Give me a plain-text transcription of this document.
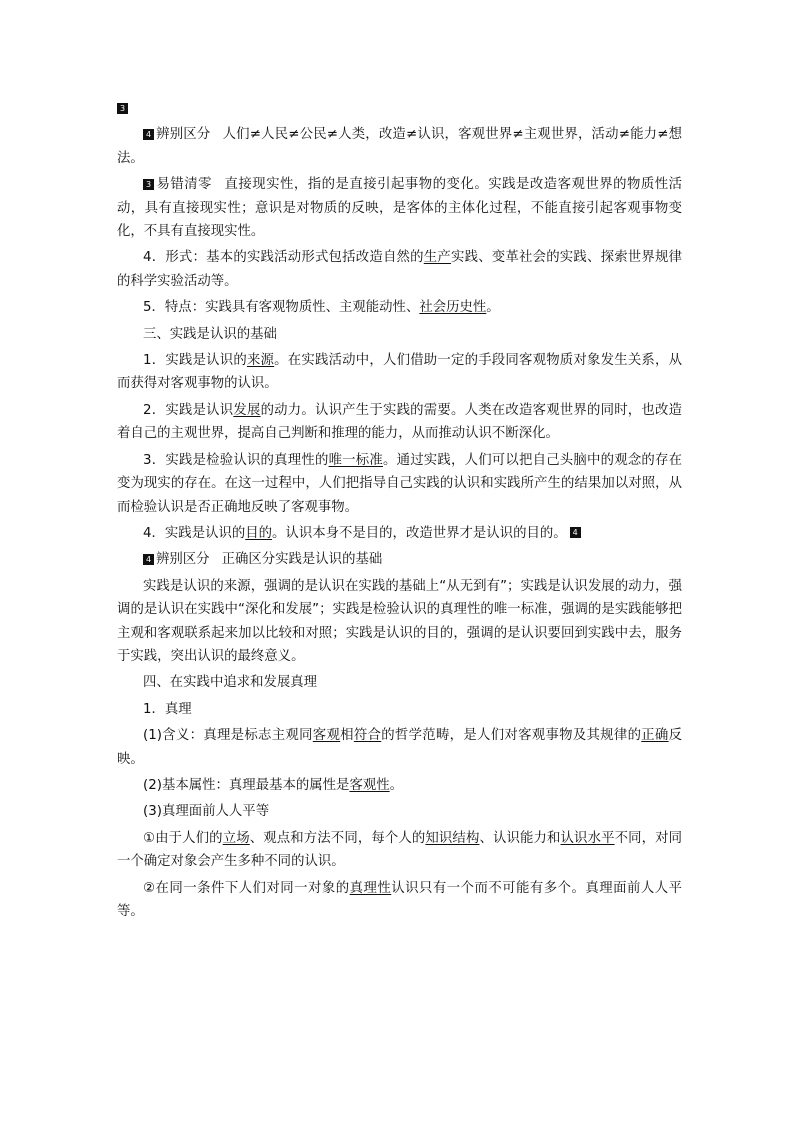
3

4 辨别区分 人们≠人民≠公民≠人类，改造≠认识，客观世界≠主观世界，活动≠能力≠想法。

3 易错清零 直接现实性，指的是直接引起事物的变化。实践是改造客观世界的物质性活动，具有直接现实性；意识是对物质的反映，是客体的主体化过程，不能直接引起客观事物变化，不具有直接现实性。

4．形式：基本的实践活动形式包括改造自然的生产实践、变革社会的实践、探索世界规律的科学实验活动等。

5．特点：实践具有客观物质性、主观能动性、社会历史性。

三、实践是认识的基础

1．实践是认识的来源。在实践活动中，人们借助一定的手段同客观物质对象发生关系，从而获得对客观事物的认识。

2．实践是认识发展的动力。认识产生于实践的需要。人类在改造客观世界的同时，也改造着自己的主观世界，提高自己判断和推理的能力，从而推动认识不断深化。

3．实践是检验认识的真理性的唯一标准。通过实践，人们可以把自己头脑中的观念的存在变为现实的存在。在这一过程中，人们把指导自己实践的认识和实践所产生的结果加以对照，从而检验认识是否正确地反映了客观事物。

4．实践是认识的目的。认识本身不是目的，改造世界才是认识的目的。 4

4 辨别区分 正确区分实践是认识的基础

实践是认识的来源，强调的是认识在实践的基础上“从无到有”；实践是认识发展的动力，强调的是认识在实践中“深化和发展”；实践是检验认识的真理性的唯一标准，强调的是实践能够把主观和客观联系起来加以比较和对照；实践是认识的目的，强调的是认识要回到实践中去，服务于实践，突出认识的最终意义。

四、在实践中追求和发展真理

1．真理

(1)含义：真理是标志主观同客观相符合的哲学范畴，是人们对客观事物及其规律的正确反映。

(2)基本属性：真理最基本的属性是客观性。

(3)真理面前人人平等

①由于人们的立场、观点和方法不同，每个人的知识结构、认识能力和认识水平不同，对同一个确定对象会产生多种不同的认识。

②在同一条件下人们对同一对象的真理性认识只有一个而不可能有多个。真理面前人人平等。
